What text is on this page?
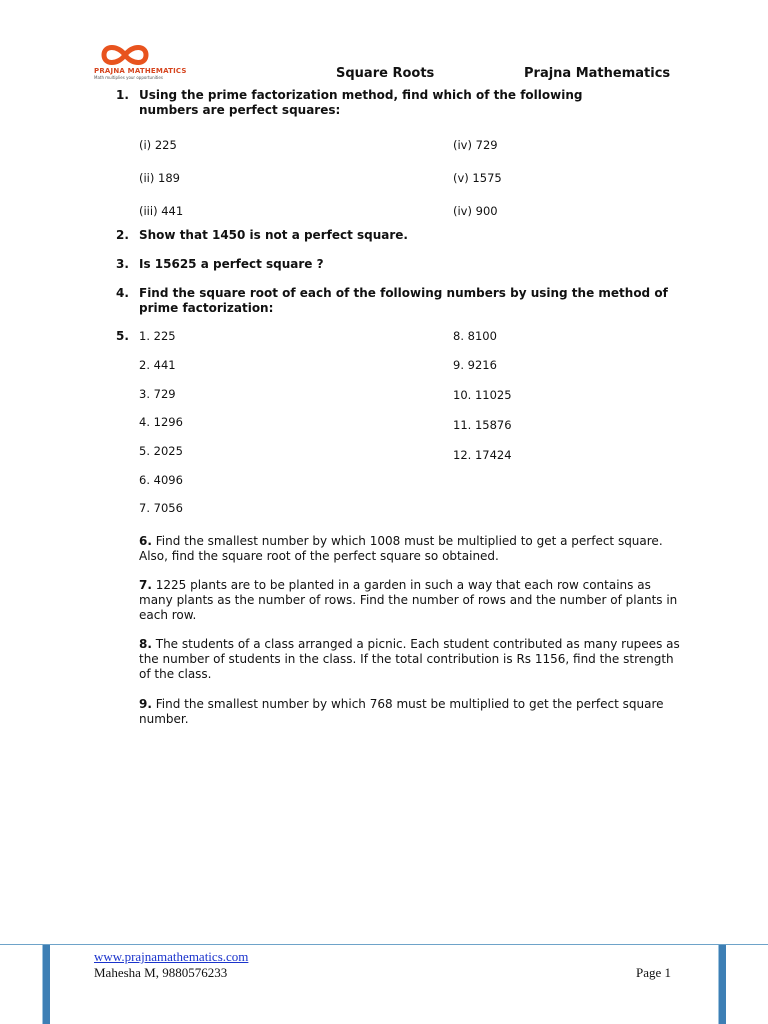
PRAJNA MATHEMATICS
Math multiplies your opportunities	Square Roots	Prajna Mathematics
1. Using the prime factorization method, find which of the following numbers are perfect squares:
(i) 225
(ii) 189
(iii) 441
(iv) 729
(v) 1575
(iv) 900
2. Show that 1450 is not a perfect square.
3. Is 15625 a perfect square ?
4. Find the square root of each of the following numbers by using the method of prime factorization:
5. 1. 225
2. 441
3. 729
4. 1296
5. 2025
6. 4096
7. 7056
8. 8100
9. 9216
10. 11025
11. 15876
12. 17424
6. Find the smallest number by which 1008 must be multiplied to get a perfect square. Also, find the square root of the perfect square so obtained.
7. 1225 plants are to be planted in a garden in such a way that each row contains as many plants as the number of rows. Find the number of rows and the number of plants in each row.
8. The students of a class arranged a picnic. Each student contributed as many rupees as the number of students in the class. If the total contribution is Rs 1156, find the strength of the class.
9. Find the smallest number by which 768 must be multiplied to get the perfect square number.
www.prajnamathematics.com
Mahesha M, 9880576233	Page 1
